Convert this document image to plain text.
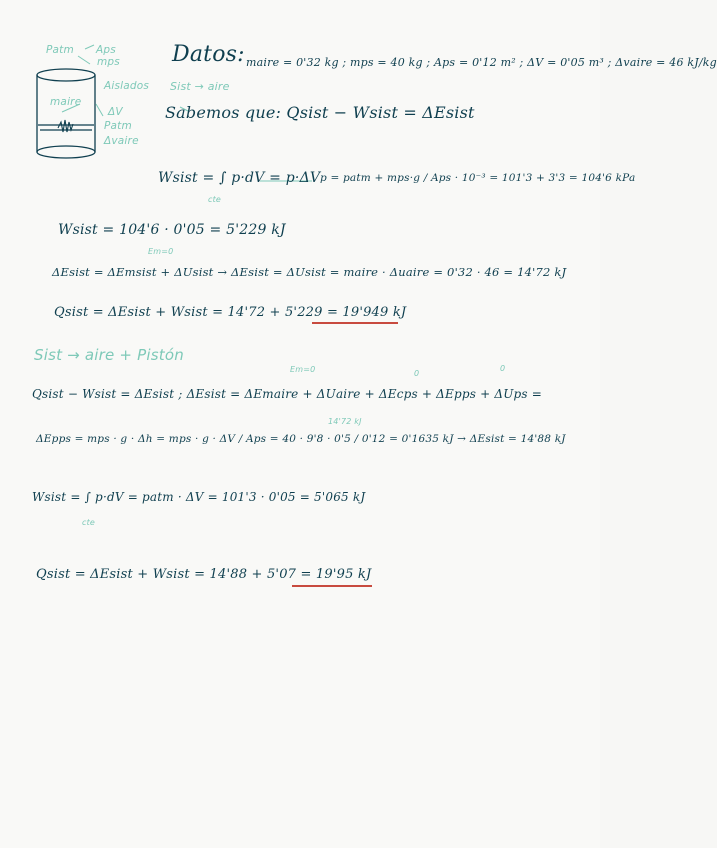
Patm Aps
mps
Aislados
maire
ΔV
Patm
Δvaire
Datos: maire = 0'32 kg ; mps = 40 kg ; Aps = 0'12 m² ; ΔV = 0'05 m³ ; Δvaire = 46 kJ/kg
Sist → aire
Sabemos que: Qsist − Wsist = ΔEsist
Wsist = ∫ p·dV = p·ΔV
cte
p = patm + mps·g / Aps · 10⁻³ = 101'3 + 3'3 = 104'6 kPa
Wsist = 104'6 · 0'05 = 5'229 kJ
Em=0
ΔEsist = ΔEmsist + ΔUsist → ΔEsist = ΔUsist = maire · Δuaire = 0'32 · 46 = 14'72 kJ
Qsist = ΔEsist + Wsist = 14'72 + 5'229 = 19'949 kJ
Sist → aire + Pistón
Em=0	0
0
Qsist − Wsist = ΔEsist ; ΔEsist = ΔEmaire + ΔUaire + ΔEcps + ΔEpps + ΔUps =
14'72 kJ
ΔEpps = mps · g · Δh = mps · g · ΔV / Aps = 40 · 9'8 · 0'5 / 0'12 = 0'1635 kJ → ΔEsist = 14'88 kJ
Wsist = ∫ p·dV = patm · ΔV = 101'3 · 0'05 = 5'065 kJ
cte
Qsist = ΔEsist + Wsist = 14'88 + 5'07 = 19'95 kJ
